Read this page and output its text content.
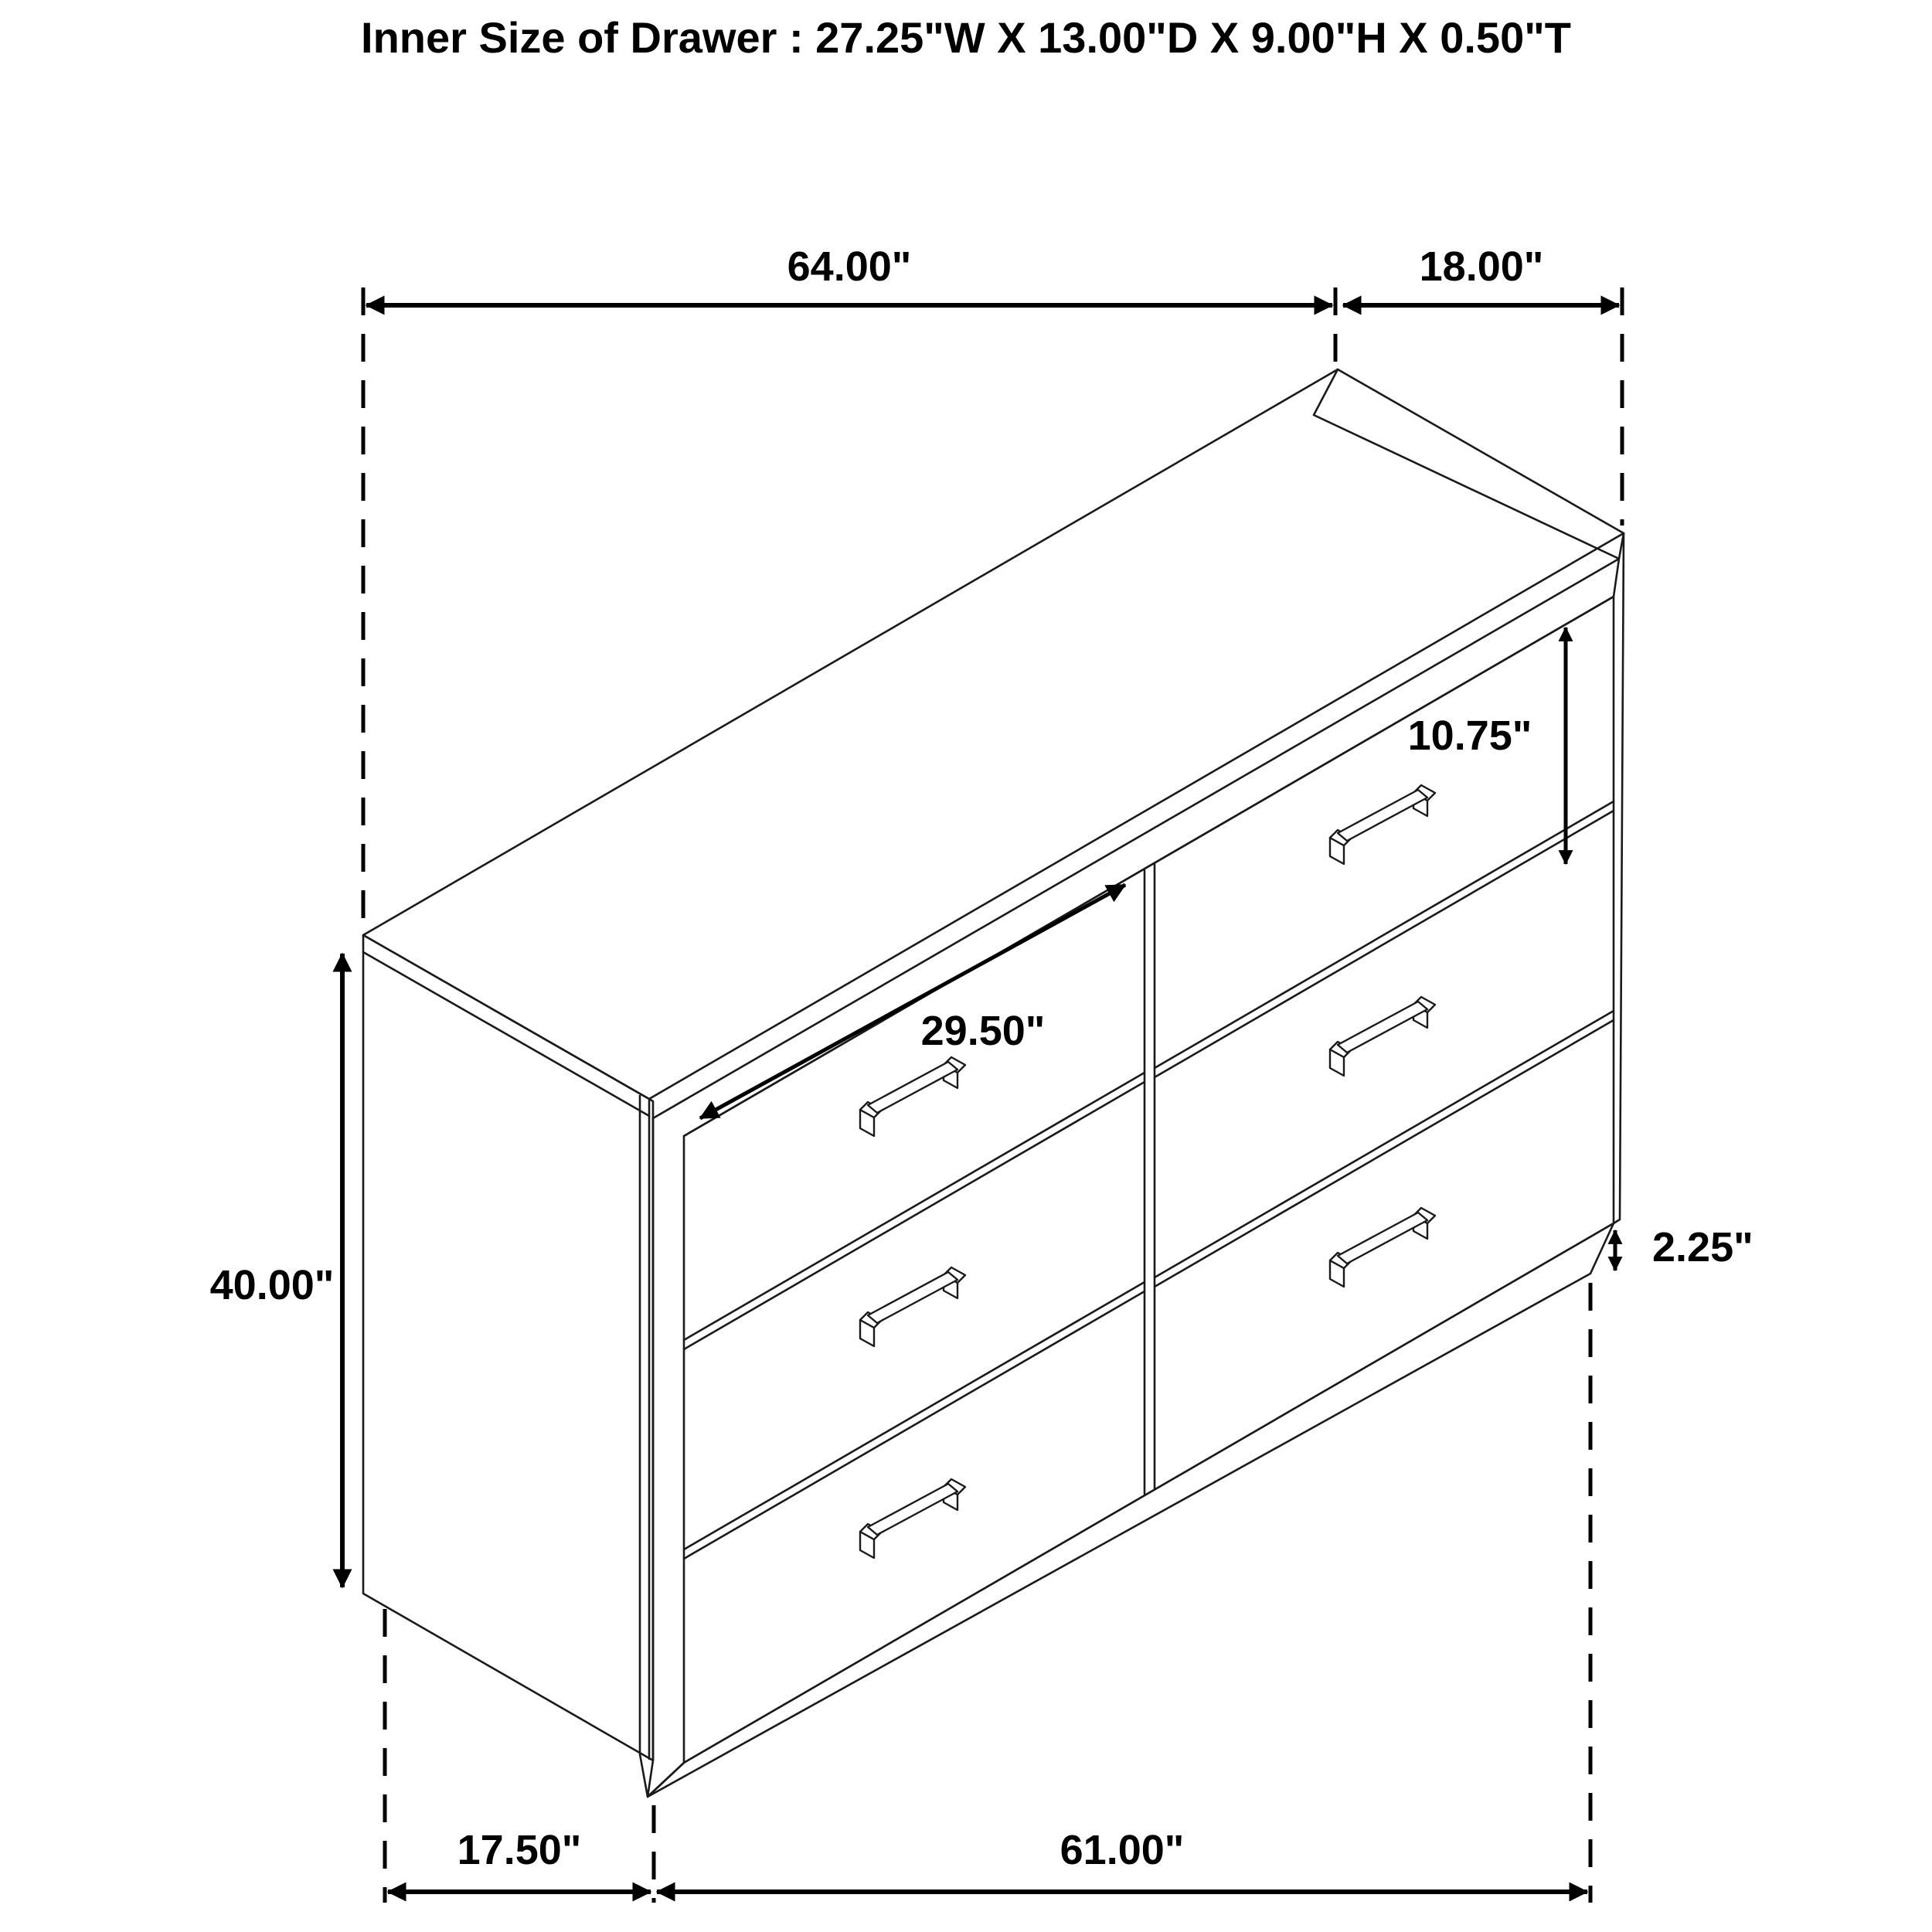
64.00"	18.00"
40.00"
10.75"
29.50"
2.25"
17.50"	61.00"
Inner Size of Drawer : 27.25"W X 13.00"D X 9.00"H X 0.50"T
